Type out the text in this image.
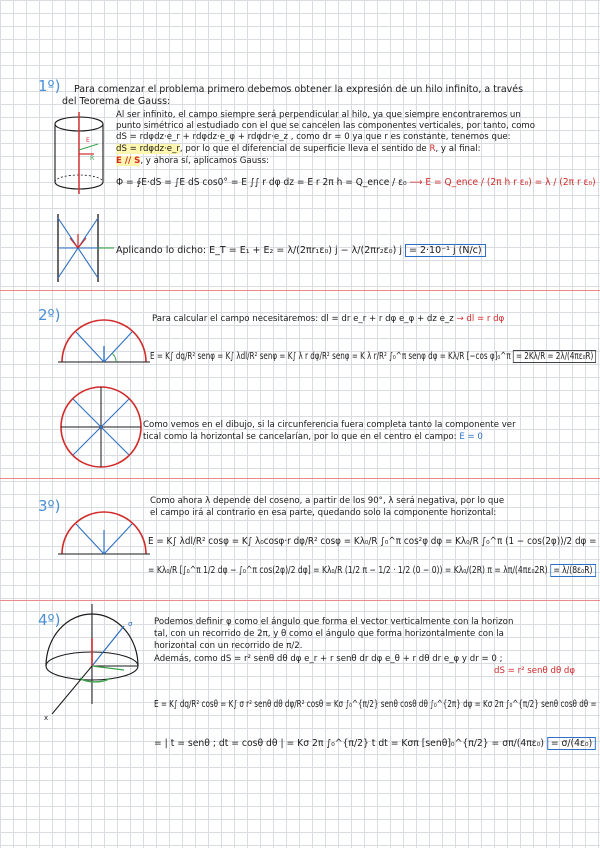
1º) Para comenzar el problema primero debemos obtener la expresión de un hilo infinito, a través
del Teorema de Gauss:
E
R
Al ser infinito, el campo siempre será perpendicular al hilo, ya que siempre encontraremos un
punto simétrico al estudiado con el que se cancelen las componentes verticales, por tanto, como
dS = rdφdz·e_r + rdφdz·e_φ + rdφdr·e_z , como dr = 0 ya que r es constante, tenemos que:
dS = rdφdz·e_r, por lo que el diferencial de superficie lleva el sentido de R, y al final:
E // S, y ahora sí, aplicamos Gauss:
Φ = ∮E·dS = ∫E dS cos0° = E ∫∫ r dφ dz = E r 2π h = Q_ence / ε₀ ⟶ E = Q_ence / (2π h r ε₀) = λ / (2π r ε₀)
Aplicando lo dicho: E_T = E₁ + E₂ = λ/(2πr₁ε₀) j − λ/(2πr₂ε₀) j = 2·10⁻¹ j (N/c)
2º)	Para calcular el campo necesitaremos: dl = dr e_r + r dφ e_φ + dz e_z → dl = r dφ
E = K∫ dq/R² senφ = K∫ λdl/R² senφ = K∫ λ r dφ/R² senφ = K λ r/R² ∫₀^π senφ dφ = Kλ/R [−cos φ]₀^π = 2Kλ/R = 2λ/(4πε₀R)
Como vemos en el dibujo, si la circunferencia fuera completa tanto la componente ver
tical como la horizontal se cancelarían, por lo que en el centro el campo: E = 0
3º)	Como ahora λ depende del coseno, a partir de los 90°, λ será negativa, por lo que
el campo irá al contrario en esa parte, quedando solo la componente horizontal:
E = K∫ λdl/R² cosφ = K∫ λ₀cosφ·r dφ/R² cosφ = Kλ₀/R ∫₀^π cos²φ dφ = Kλ₀/R ∫₀^π (1 − cos(2φ))/2 dφ =
= Kλ₀/R [∫₀^π 1/2 dφ − ∫₀^π cos(2φ)/2 dφ] = Kλ₀/R (1/2 π − 1/2 · 1/2 (0 − 0)) = Kλ₀/(2R) π = λπ/(4πε₀2R) = λ/(8ε₀R)
4º)	σ
x
Podemos definir φ como el ángulo que forma el vector verticalmente con la horizon
tal, con un recorrido de 2π, y θ como el ángulo que forma horizontalmente con la
horizontal con un recorrido de π/2.
Además, como dS = r² senθ dθ dφ e_r + r senθ dr dφ e_θ + r dθ dr e_φ y dr = 0 ;
dS = r² senθ dθ dφ
E = K∫ dq/R² cosθ = K∫ σ r² senθ dθ dφ/R² cosθ = Kσ ∫₀^{π/2} senθ cosθ dθ ∫₀^{2π} dφ = Kσ 2π ∫₀^{π/2} senθ cosθ dθ =
= | t = senθ ; dt = cosθ dθ | = Kσ 2π ∫₀^{π/2} t dt = Kσπ [senθ]₀^{π/2} = σπ/(4πε₀) = σ/(4ε₀)
